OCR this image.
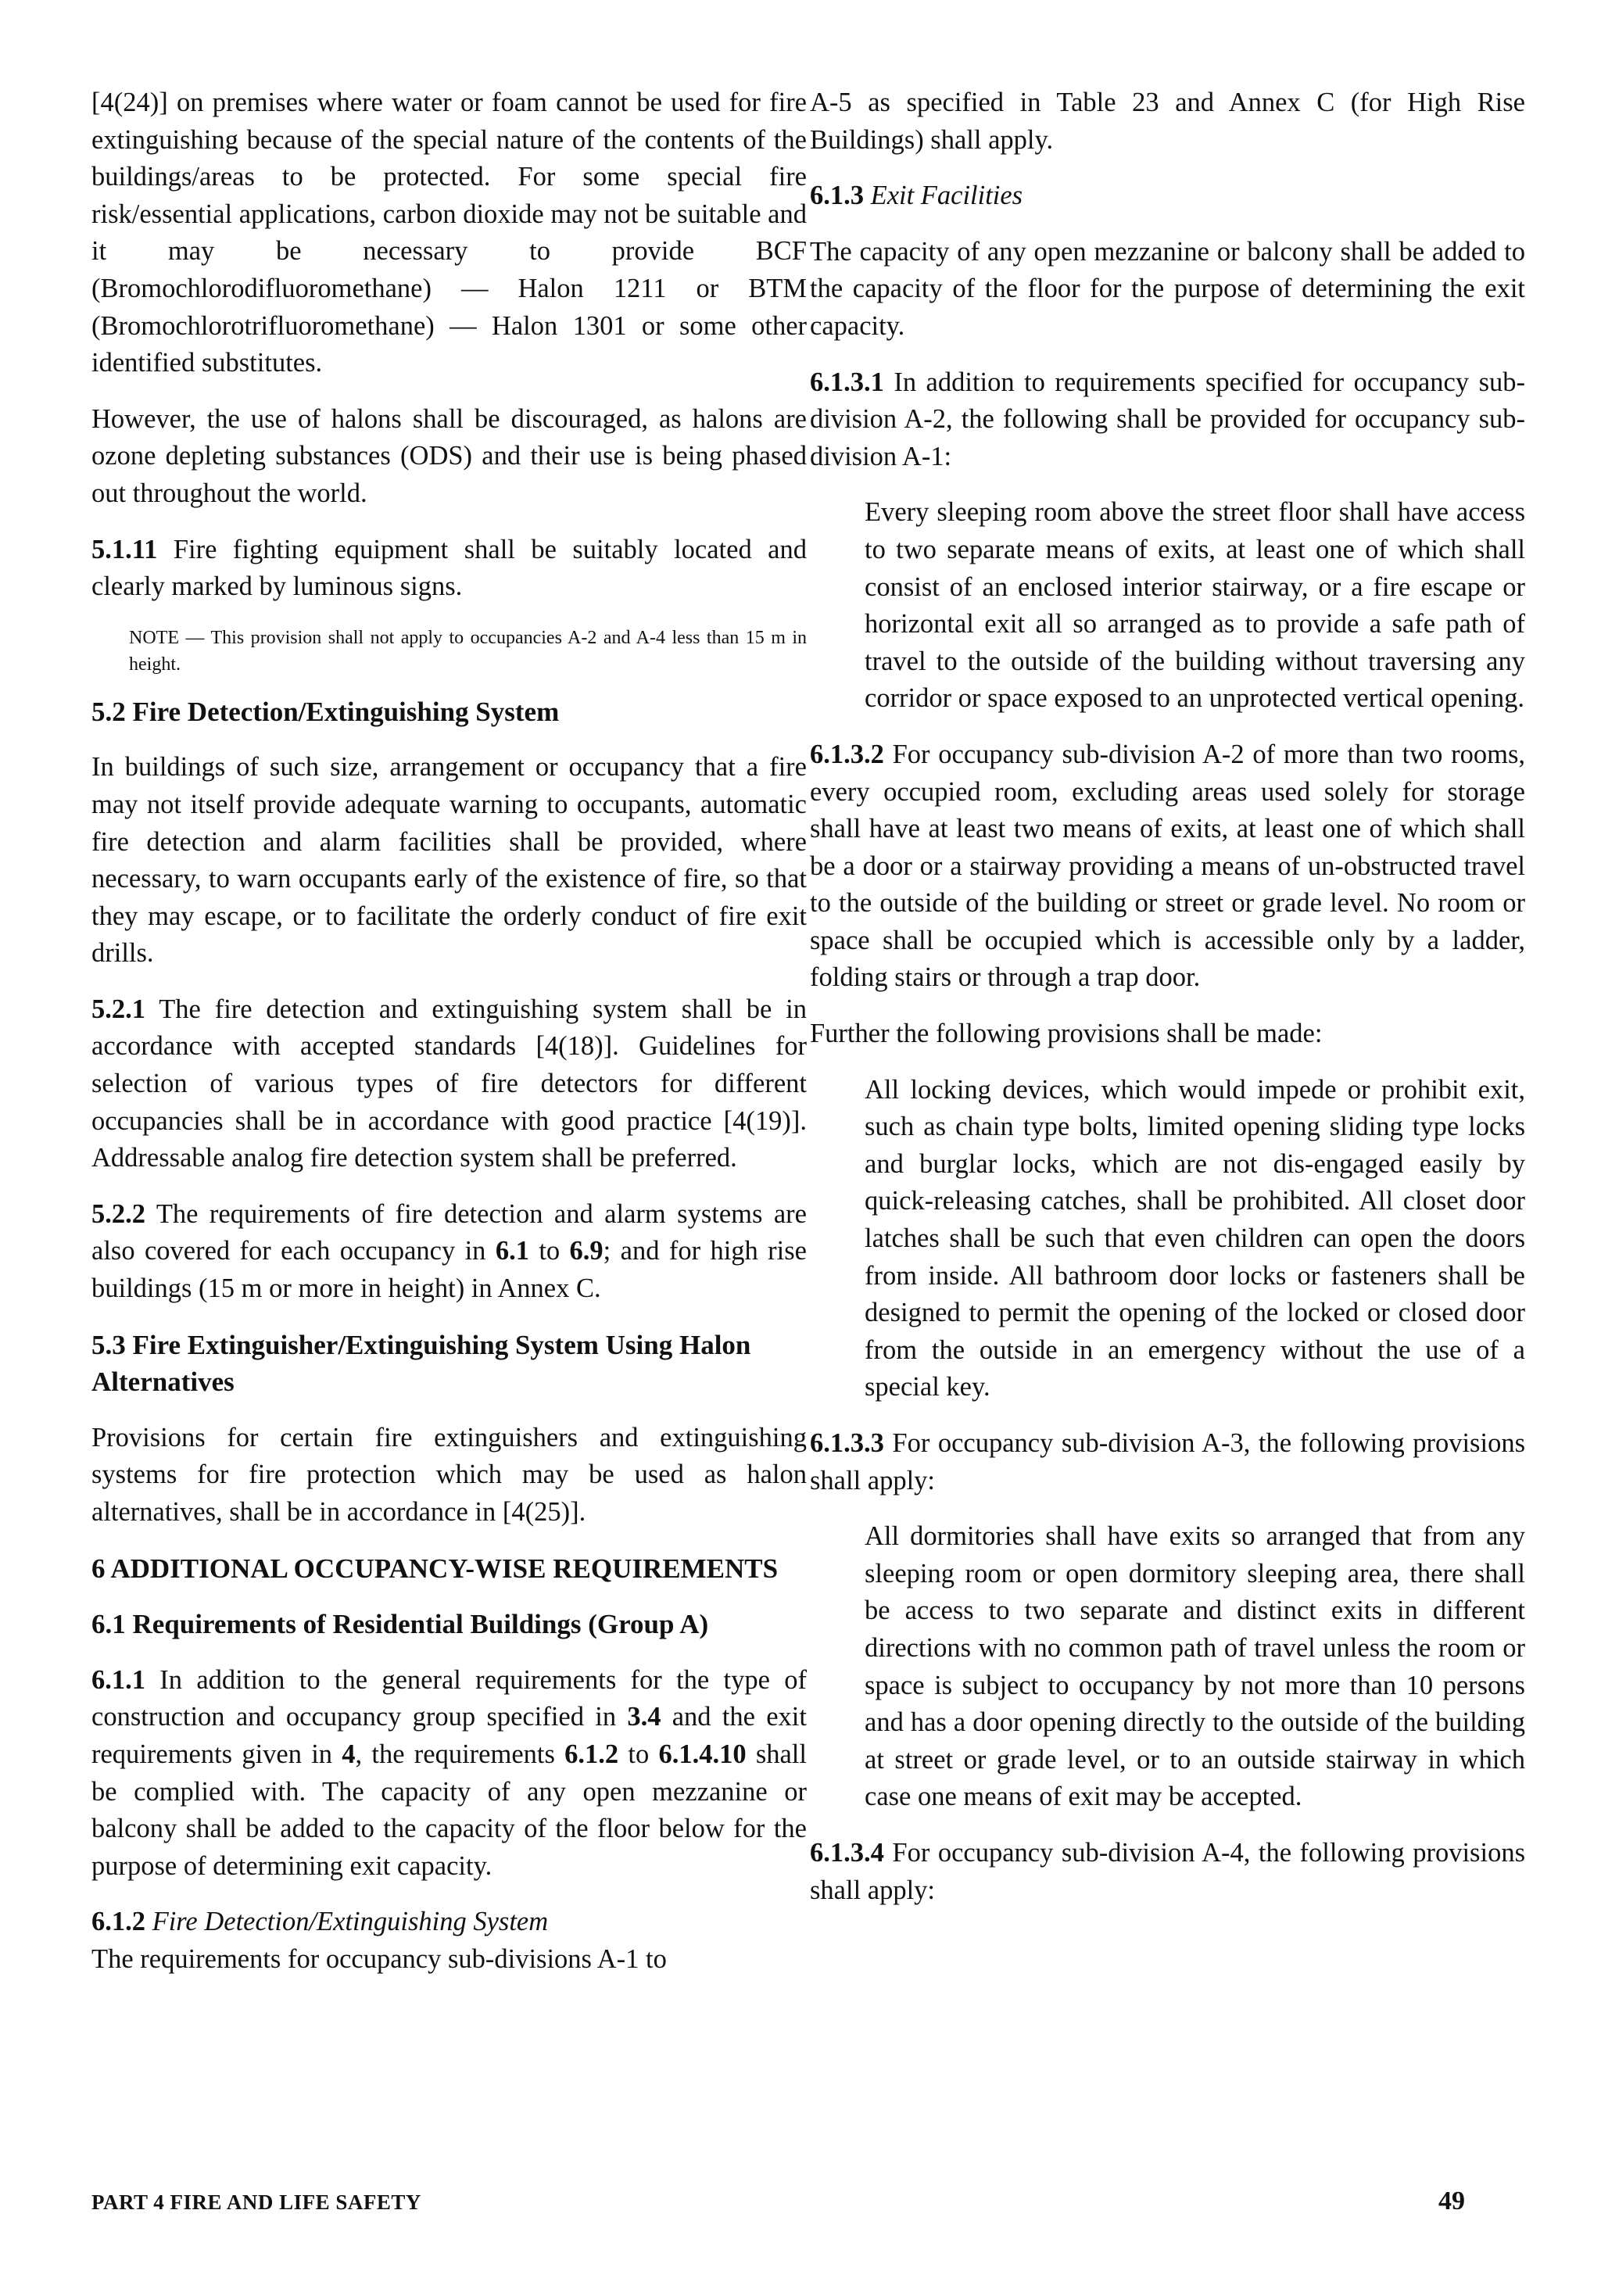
[4(24)] on premises where water or foam cannot be used for fire extinguishing because of the special nature of the contents of the buildings/areas to be protected. For some special fire risk/essential applications, carbon dioxide may not be suitable and it may be necessary to provide BCF (Bromochlorodifluoromethane) — Halon 1211 or BTM (Bromochlorotrifluoromethane) — Halon 1301 or some other identified substitutes.

However, the use of halons shall be discouraged, as halons are ozone depleting substances (ODS) and their use is being phased out throughout the world.

5.1.11 Fire fighting equipment shall be suitably located and clearly marked by luminous signs.

NOTE — This provision shall not apply to occupancies A-2 and A-4 less than 15 m in height.

5.2 Fire Detection/Extinguishing System

In buildings of such size, arrangement or occupancy that a fire may not itself provide adequate warning to occupants, automatic fire detection and alarm facilities shall be provided, where necessary, to warn occupants early of the existence of fire, so that they may escape, or to facilitate the orderly conduct of fire exit drills.

5.2.1 The fire detection and extinguishing system shall be in accordance with accepted standards [4(18)]. Guidelines for selection of various types of fire detectors for different occupancies shall be in accordance with good practice [4(19)]. Addressable analog fire detection system shall be preferred.

5.2.2 The requirements of fire detection and alarm systems are also covered for each occupancy in 6.1 to 6.9; and for high rise buildings (15 m or more in height) in Annex C.

5.3 Fire Extinguisher/Extinguishing System Using Halon Alternatives

Provisions for certain fire extinguishers and extinguishing systems for fire protection which may be used as halon alternatives, shall be in accordance in [4(25)].

6 ADDITIONAL OCCUPANCY-WISE REQUIREMENTS
6.1 Requirements of Residential Buildings (Group A)

6.1.1 In addition to the general requirements for the type of construction and occupancy group specified in 3.4 and the exit requirements given in 4, the requirements 6.1.2 to 6.1.4.10 shall be complied with. The capacity of any open mezzanine or balcony shall be added to the capacity of the floor below for the purpose of determining exit capacity.

6.1.2 Fire Detection/Extinguishing System

The requirements for occupancy sub-divisions A-1 to

A-5 as specified in Table 23 and Annex C (for High Rise Buildings) shall apply.

6.1.3 Exit Facilities

The capacity of any open mezzanine or balcony shall be added to the capacity of the floor for the purpose of determining the exit capacity.

6.1.3.1 In addition to requirements specified for occupancy sub-division A-2, the following shall be provided for occupancy sub-division A-1:

Every sleeping room above the street floor shall have access to two separate means of exits, at least one of which shall consist of an enclosed interior stairway, or a fire escape or horizontal exit all so arranged as to provide a safe path of travel to the outside of the building without traversing any corridor or space exposed to an unprotected vertical opening.

6.1.3.2 For occupancy sub-division A-2 of more than two rooms, every occupied room, excluding areas used solely for storage shall have at least two means of exits, at least one of which shall be a door or a stairway providing a means of un-obstructed travel to the outside of the building or street or grade level. No room or space shall be occupied which is accessible only by a ladder, folding stairs or through a trap door.

Further the following provisions shall be made:

All locking devices, which would impede or prohibit exit, such as chain type bolts, limited opening sliding type locks and burglar locks, which are not dis-engaged easily by quick-releasing catches, shall be prohibited. All closet door latches shall be such that even children can open the doors from inside. All bathroom door locks or fasteners shall be designed to permit the opening of the locked or closed door from the outside in an emergency without the use of a special key.

6.1.3.3 For occupancy sub-division A-3, the following provisions shall apply:

All dormitories shall have exits so arranged that from any sleeping room or open dormitory sleeping area, there shall be access to two separate and distinct exits in different directions with no common path of travel unless the room or space is subject to occupancy by not more than 10 persons and has a door opening directly to the outside of the building at street or grade level, or to an outside stairway in which case one means of exit may be accepted.

6.1.3.4 For occupancy sub-division A-4, the following provisions shall apply:

PART 4 FIRE AND LIFE SAFETY	49
